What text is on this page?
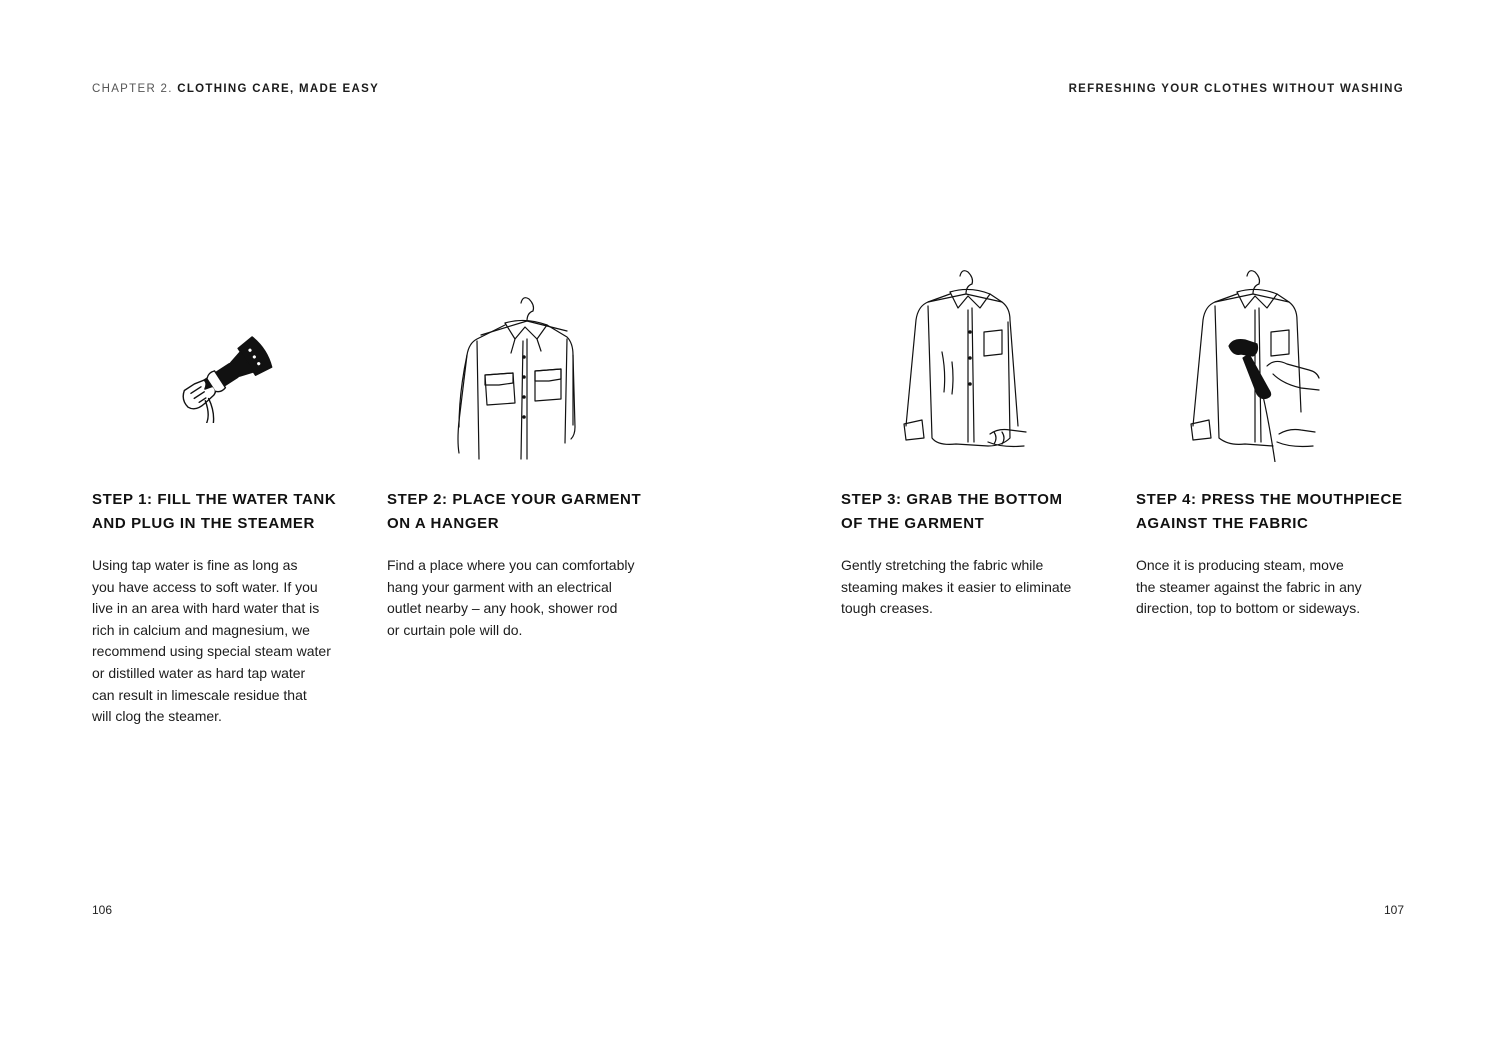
CHAPTER 2. CLOTHING CARE, MADE EASY	REFRESHING YOUR CLOTHES WITHOUT WASHING
STEP 1: FILL THE WATER TANK
AND PLUG IN THE STEAMER
Using tap water is fine as long as
you have access to soft water. If you
live in an area with hard water that is
rich in calcium and magnesium, we
recommend using special steam water
or distilled water as hard tap water
can result in limescale residue that
will clog the steamer.
STEP 2: PLACE YOUR GARMENT
ON A HANGER
Find a place where you can comfortably
hang your garment with an electrical
outlet nearby – any hook, shower rod
or curtain pole will do.
STEP 3: GRAB THE BOTTOM
OF THE GARMENT
Gently stretching the fabric while
steaming makes it easier to eliminate
tough creases.
STEP 4: PRESS THE MOUTHPIECE
AGAINST THE FABRIC
Once it is producing steam, move
the steamer against the fabric in any
direction, top to bottom or sideways.
106	107
